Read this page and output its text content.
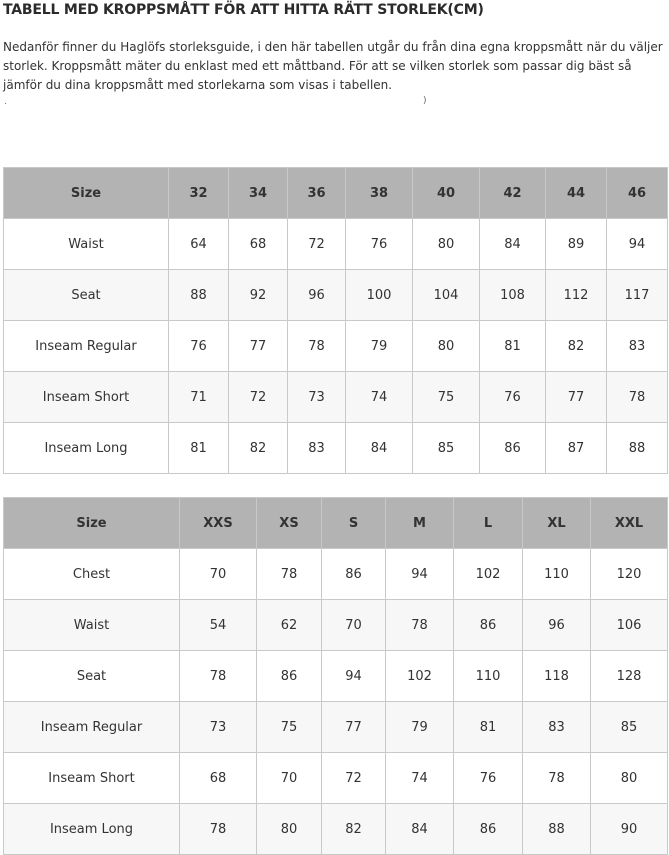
TABELL MED KROPPSMÅTT FÖR ATT HITTA RÄTT STORLEK(CM)

Nedanför finner du Haglöfs storleksguide, i den här tabellen utgår du från dina egna kroppsmått när du väljer storlek. Kroppsmått mäter du enklast med ett måttband. För att se vilken storlek som passar dig bäst så jämför du dina kroppsmått med storlekarna som visas i tabellen.

.	)
Size	32	34	36	38	40	42	44	46
Waist	64	68	72	76	80	84	89	94
Seat	88	92	96	100	104	108	112	117
Inseam Regular	76	77	78	79	80	81	82	83
Inseam Short	71	72	73	74	75	76	77	78
Inseam Long	81	82	83	84	85	86	87	88
Size	XXS	XS	S	M	L	XL	XXL
Chest	70	78	86	94	102	110	120
Waist	54	62	70	78	86	96	106
Seat	78	86	94	102	110	118	128
Inseam Regular	73	75	77	79	81	83	85
Inseam Short	68	70	72	74	76	78	80
Inseam Long	78	80	82	84	86	88	90
